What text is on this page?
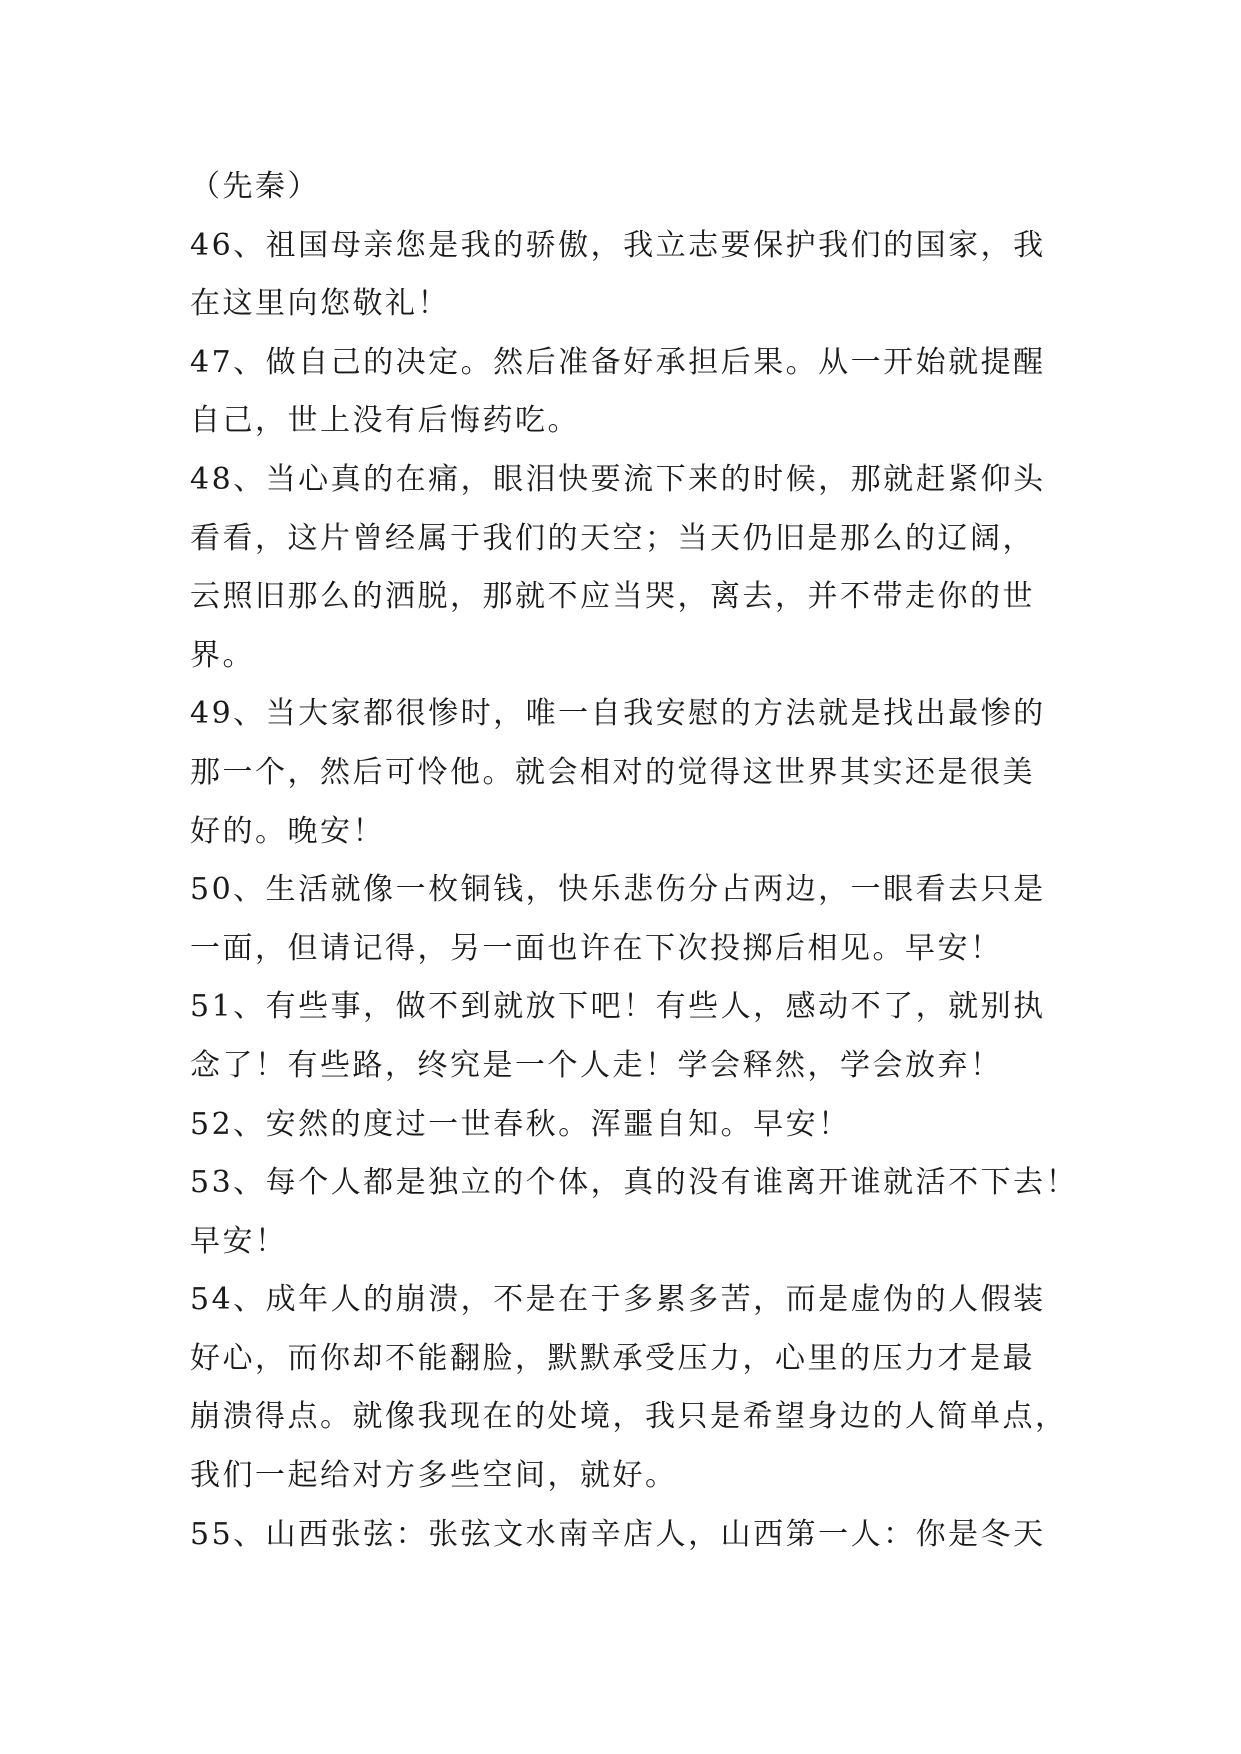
（先秦）
46、祖国母亲您是我的骄傲，我立志要保护我们的国家，我
在这里向您敬礼！
47、做自己的决定。然后准备好承担后果。从一开始就提醒
自己，世上没有后悔药吃。
48、当心真的在痛，眼泪快要流下来的时候，那就赶紧仰头
看看，这片曾经属于我们的天空；当天仍旧是那么的辽阔，
云照旧那么的洒脱，那就不应当哭，离去，并不带走你的世
界。
49、当大家都很惨时，唯一自我安慰的方法就是找出最惨的
那一个，然后可怜他。就会相对的觉得这世界其实还是很美
好的。晚安！
50、生活就像一枚铜钱，快乐悲伤分占两边，一眼看去只是
一面，但请记得，另一面也许在下次投掷后相见。早安！
51、有些事，做不到就放下吧！有些人，感动不了，就别执
念了！有些路，终究是一个人走！学会释然，学会放弃！
52、安然的度过一世春秋。浑噩自知。早安！
53、每个人都是独立的个体，真的没有谁离开谁就活不下去！
早安！
54、成年人的崩溃，不是在于多累多苦，而是虚伪的人假装
好心，而你却不能翻脸，默默承受压力，心里的压力才是最
崩溃得点。就像我现在的处境，我只是希望身边的人简单点，
我们一起给对方多些空间，就好。
55、山西张弦：张弦文水南辛店人，山西第一人：你是冬天
